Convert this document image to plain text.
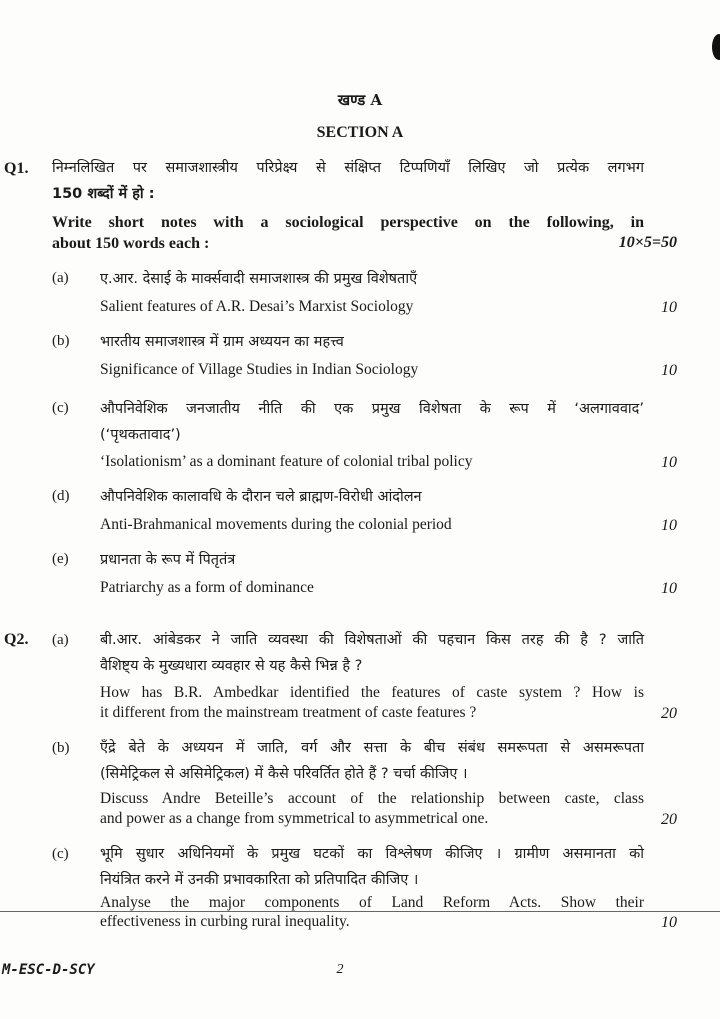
खण्ड A
SECTION A
Q1. निम्नलिखित पर समाजशास्त्रीय परिप्रेक्ष्य से संक्षिप्त टिप्पणियाँ लिखिए जो प्रत्येक लगभग
150 शब्दों में हो :
Write short notes with a sociological perspective on the following, in
about 150 words each :	10×5=50
(a) ए.आर. देसाई के मार्क्सवादी समाजशास्त्र की प्रमुख विशेषताएँ
Salient features of A.R. Desai’s Marxist Sociology	10
(b) भारतीय समाजशास्त्र में ग्राम अध्ययन का महत्त्व
Significance of Village Studies in Indian Sociology	10
(c) औपनिवेशिक जनजातीय नीति की एक प्रमुख विशेषता के रूप में ‘अलगाववाद’
(‘पृथकतावाद’)
‘Isolationism’ as a dominant feature of colonial tribal policy	10
(d) औपनिवेशिक कालावधि के दौरान चले ब्राह्मण-विरोधी आंदोलन
Anti-Brahmanical movements during the colonial period	10
(e) प्रधानता के रूप में पितृतंत्र
Patriarchy as a form of dominance	10
Q2. (a) बी.आर. आंबेडकर ने जाति व्यवस्था की विशेषताओं की पहचान किस तरह की है ? जाति
वैशिष्ट्य के मुख्यधारा व्यवहार से यह कैसे भिन्न है ?
How has B.R. Ambedkar identified the features of caste system ? How is
it different from the mainstream treatment of caste features ?	20
(b) एँद्रे बेते के अध्ययन में जाति, वर्ग और सत्ता के बीच संबंध समरूपता से असमरूपता
(सिमेट्रिकल से असिमेट्रिकल) में कैसे परिवर्तित होते हैं ? चर्चा कीजिए ।
Discuss Andre Beteille’s account of the relationship between caste, class
and power as a change from symmetrical to asymmetrical one.	20
(c) भूमि सुधार अधिनियमों के प्रमुख घटकों का विश्लेषण कीजिए । ग्रामीण असमानता को
नियंत्रित करने में उनकी प्रभावकारिता को प्रतिपादित कीजिए ।
Analyse the major components of Land Reform Acts. Show their
effectiveness in curbing rural inequality.	10
M-ESC-D-SCY	2
